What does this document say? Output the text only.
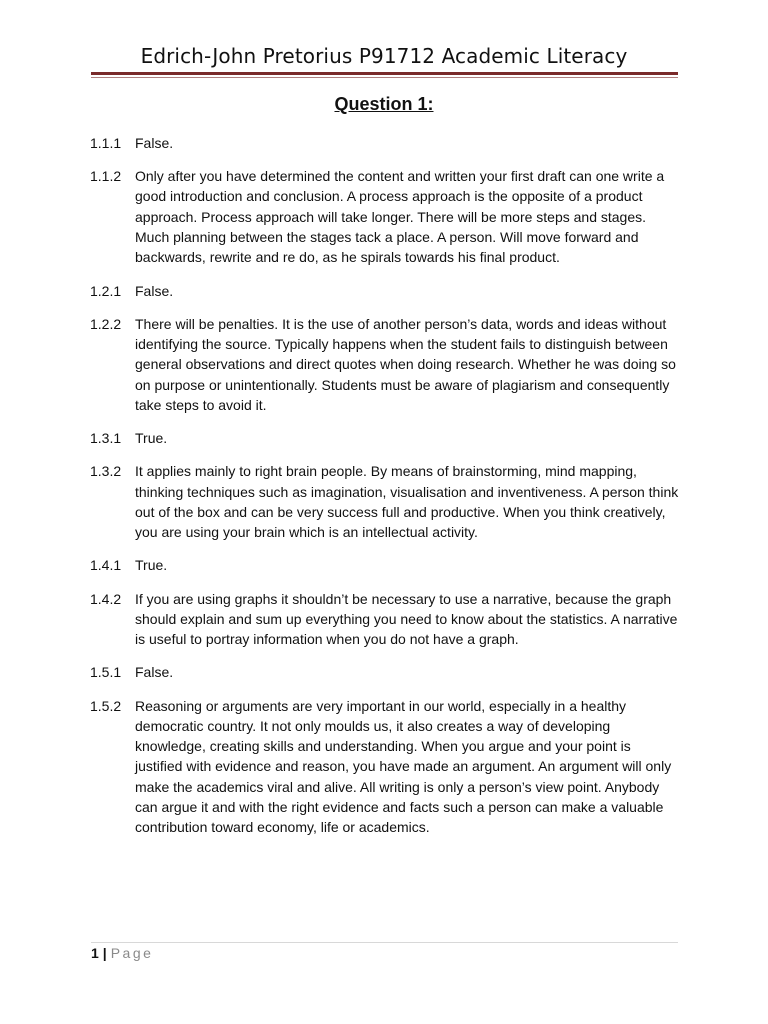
Edrich-John Pretorius P91712 Academic Literacy
Question 1:
1.1.1 False.
1.1.2 Only after you have determined the content and written your first draft can one write a good introduction and conclusion. A process approach is the opposite of a product approach. Process approach will take longer. There will be more steps and stages. Much planning between the stages tack a place. A person. Will move forward and backwards, rewrite and re do, as he spirals towards his final product.
1.2.1 False.
1.2.2 There will be penalties. It is the use of another person’s data, words and ideas without identifying the source. Typically happens when the student fails to distinguish between general observations and direct quotes when doing research. Whether he was doing so on purpose or unintentionally. Students must be aware of plagiarism and consequently take steps to avoid it.
1.3.1 True.
1.3.2 It applies mainly to right brain people. By means of brainstorming, mind mapping, thinking techniques such as imagination, visualisation and inventiveness. A person think out of the box and can be very success full and productive. When you think creatively, you are using your brain which is an intellectual activity.
1.4.1 True.
1.4.2 If you are using graphs it shouldn’t be necessary to use a narrative, because the graph should explain and sum up everything you need to know about the statistics. A narrative is useful to portray information when you do not have a graph.
1.5.1 False.
1.5.2 Reasoning or arguments are very important in our world, especially in a healthy democratic country. It not only moulds us, it also creates a way of developing knowledge, creating skills and understanding. When you argue and your point is justified with evidence and reason, you have made an argument. An argument will only make the academics viral and alive. All writing is only a person’s view point. Anybody can argue it and with the right evidence and facts such a person can make a valuable contribution toward economy, life or academics.
1 | Page
